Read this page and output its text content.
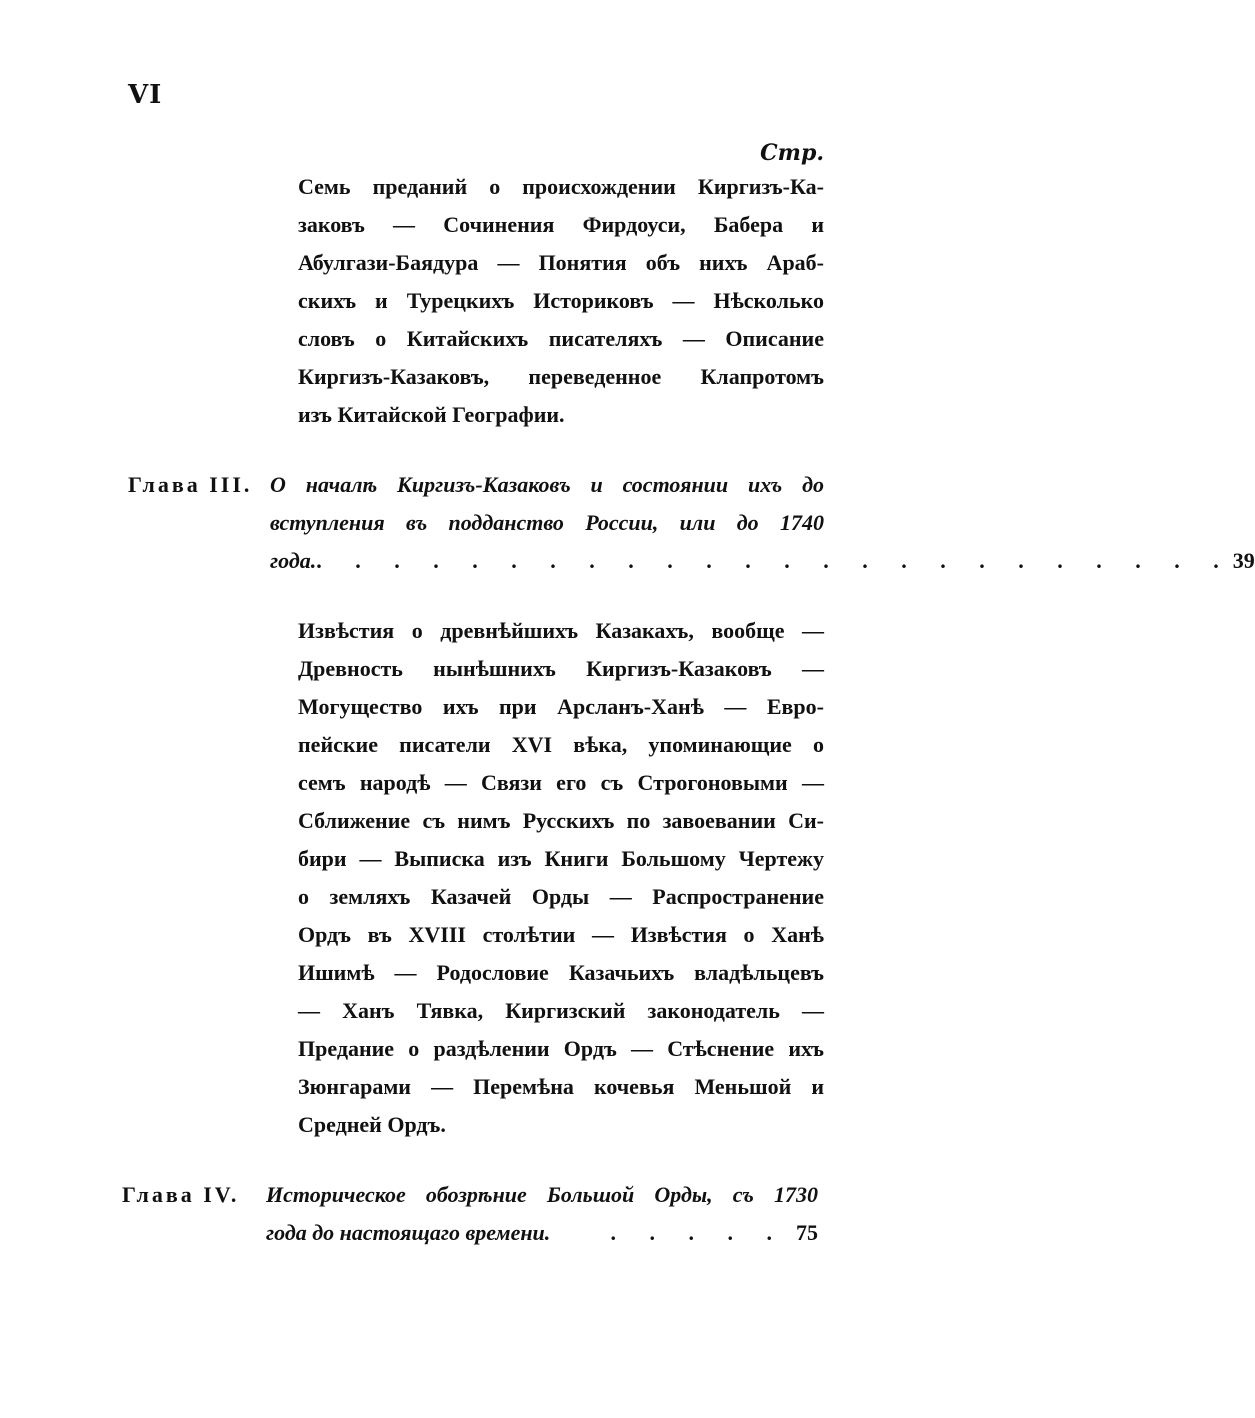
VI
Стр.
Семь преданий о происхождении Киргизъ-Ка-
заковъ — Сочинения Фирдоуси, Бабера и
Абулгази-Баядура — Понятия объ нихъ Араб-
скихъ и Турецкихъ Историковъ — Нѣсколько
словъ о Китайскихъ писателяхъ — Описание
Киргизъ-Казаковъ, переведенное Клапротомъ
изъ Китайской Географии.
Глава III. О началѣ Киргизъ-Казаковъ и состоянии ихъ до
вступления въ подданство России, или до 1740
года. . . . . . . . . . . . . . . . . . . . . . . . . 39
Извѣстия о древнѣйшихъ Казакахъ, вообще —
Древность нынѣшнихъ Киргизъ-Казаковъ —
Могущество ихъ при Арсланъ-Ханѣ — Евро-
пейские писатели XVI вѣка, упоминающие о
семъ народѣ — Связи его съ Строгоновыми —
Сближение съ нимъ Русскихъ по завоевании Си-
бири — Выписка изъ Книги Большому Чертежу
о земляхъ Казачей Орды — Распространение
Ордъ въ XVIII столѣтии — Извѣстия о Ханѣ
Ишимѣ — Родословие Казачьихъ владѣльцевъ
— Ханъ Тявка, Киргизский законодатель —
Предание о раздѣлении Ордъ — Стѣснение ихъ
Зюнгарами — Перемѣна кочевья Меньшой и
Средней Ордъ.
Глава IV. Историческое обозрѣние Большой Орды, съ 1730
года до настоящаго времени.	. . . . . 75
